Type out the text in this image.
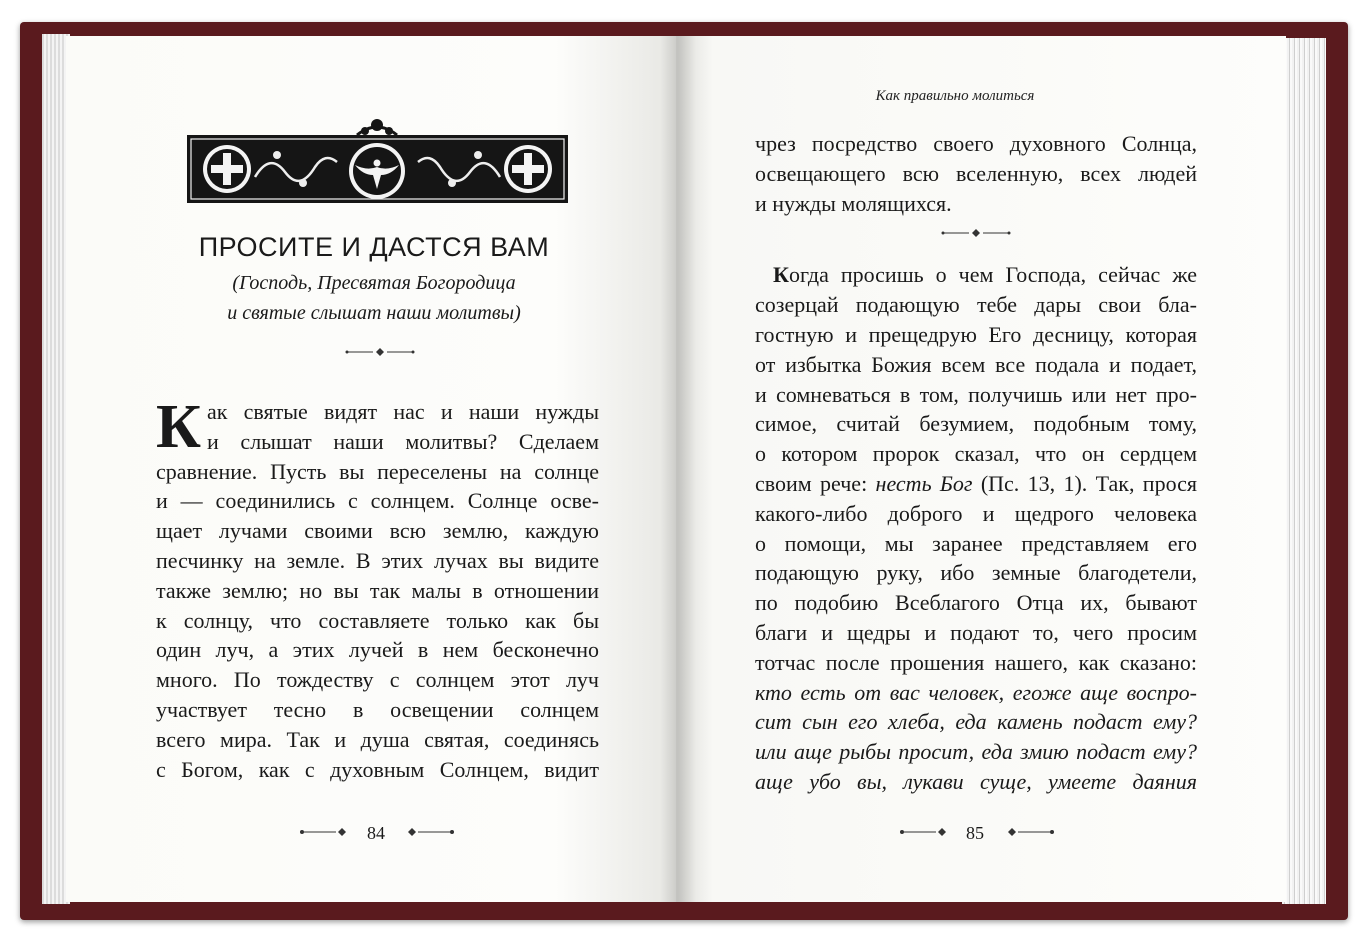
Как правильно молиться
ПРОСИТЕ И ДАСТСЯ ВАМ
(Господь, Пресвятая Богородица
и святые слышат наши молитвы)
К ак святые видят нас и наши нужды
и слышат наши молитвы? Сделаем
сравнение. Пусть вы переселены на солнце
и — соединились с солнцем. Солнце осве-
щает лучами своими всю землю, каждую
песчинку на земле. В этих лучах вы видите
также землю; но вы так малы в отношении
к солнцу, что составляете только как бы
один луч, а этих лучей в нем бесконечно
много. По тождеству с солнцем этот луч
участвует тесно в освещении солнцем
всего мира. Так и душа святая, соединясь
с Богом, как с духовным Солнцем, видит
чрез посредство своего духовного Солнца,
освещающего всю вселенную, всех людей
и нужды молящихся.
Когда просишь о чем Господа, сейчас же
созерцай подающую тебе дары свои бла-
гостную и прещедрую Его десницу, которая
от избытка Божия всем все подала и подает,
и сомневаться в том, получишь или нет про-
симое, считай безумием, подобным тому,
о котором пророк сказал, что он сердцем
своим рече: несть Бог (Пс. 13, 1). Так, прося
какого-либо доброго и щедрого человека
о помощи, мы заранее представляем его
подающую руку, ибо земные благодетели,
по подобию Всеблагого Отца их, бывают
благи и щедры и подают то, чего просим
тотчас после прошения нашего, как сказано:
кто есть от вас человек, егоже аще воспро-
сит сын его хлеба, еда камень подаст ему?
или аще рыбы просит, еда змию подаст ему?
аще убо вы, лукави суще, умеете даяния
84	85
